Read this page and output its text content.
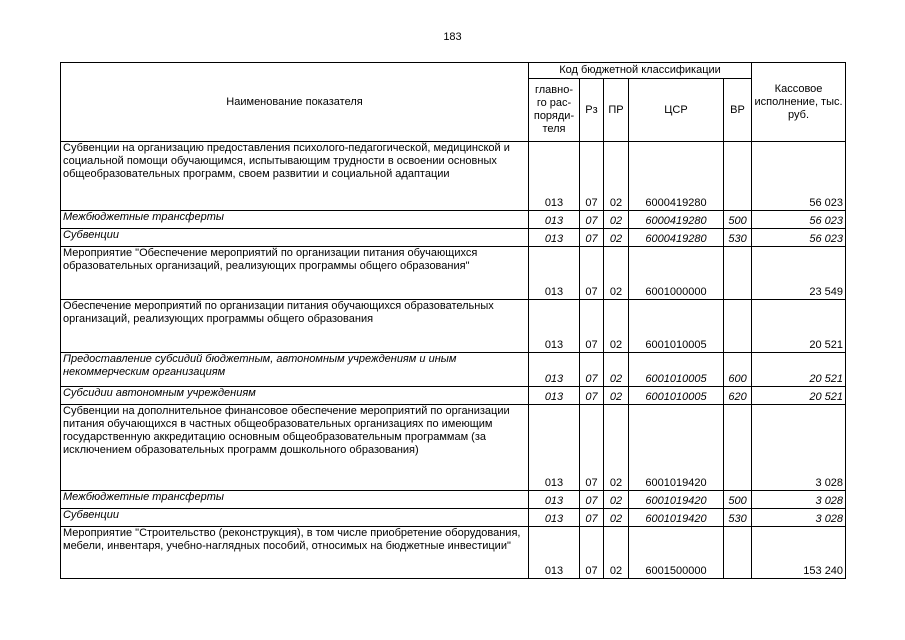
183
Наименование показателя	Код бюджетной классификации					Кассовое исполнение, тыс. руб.
	главно-го рас-поряди-теля	Рз	ПР	ЦСР	ВР	
Субвенции на организацию предоставления психолого-педагогической, медицинской и социальной помощи обучающимся, испытывающим трудности в освоении основных общеобразовательных программ, своем развитии и социальной адаптации	013	07	02	6000419280		56 023
Межбюджетные трансферты	013	07	02	6000419280	500	56 023
Субвенции	013	07	02	6000419280	530	56 023
Мероприятие "Обеспечение мероприятий по организации питания обучающихся образовательных организаций, реализующих программы общего образования"	013	07	02	6001000000		23 549
Обеспечение мероприятий по организации питания обучающихся образовательных организаций, реализующих программы общего образования	013	07	02	6001010005		20 521
Предоставление субсидий бюджетным, автономным учреждениям и иным некоммерческим организациям	013	07	02	6001010005	600	20 521
Субсидии автономным учреждениям	013	07	02	6001010005	620	20 521
Субвенции на дополнительное финансовое обеспечение мероприятий по организации питания обучающихся в частных общеобразовательных организациях по имеющим государственную аккредитацию основным общеобразовательным программам (за исключением образовательных программ дошкольного образования)	013	07	02	6001019420		3 028
Межбюджетные трансферты	013	07	02	6001019420	500	3 028
Субвенции	013	07	02	6001019420	530	3 028
Мероприятие "Строительство (реконструкция), в том числе приобретение оборудования, мебели, инвентаря, учебно-наглядных пособий, относимых на бюджетные инвестиции"	013	07	02	6001500000		153 240
